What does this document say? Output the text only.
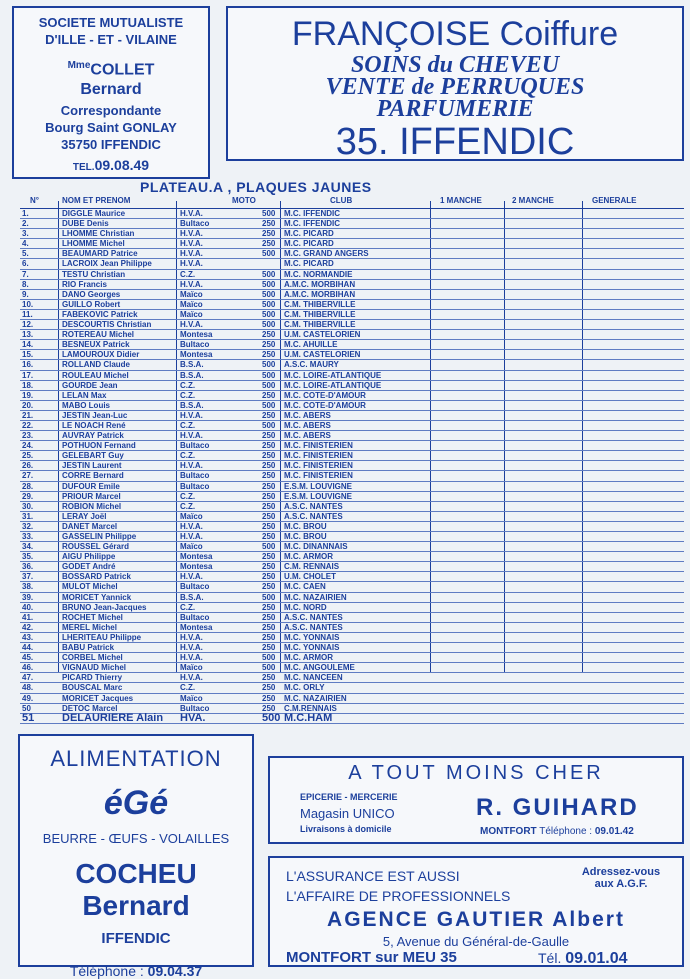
SOCIETE MUTUALISTE
D'ILLE - ET - VILAINE
$^{Mme}$COLLET
Bernard
Correspondante
Bourg Saint GONLAY
35750 IFFENDIC
TEL.09.08.49
FRANÇOISE Coiffure
SOINS du CHEVEU
VENTE de PERRUQUES
PARFUMERIE
35. IFFENDIC
PLATEAU.A , PLAQUES JAUNES
N°	NOM ET PRENOM	MOTO	CLUB	1 MANCHE	2 MANCHE	GENERALE
1.	DIGGLE Maurice	H.V.A.	500 M.C. IFFENDIC
2.	DUBE Denis	Bultaco	250 M.C. IFFENDIC
3.	LHOMME Christian	H.V.A.	250 M.C. PICARD
4.	LHOMME Michel	H.V.A.	250 M.C. PICARD
5.	BEAUMARD Patrice	H.V.A.	500 M.C. GRAND ANGERS
6.	LACROIX Jean Philippe	H.V.A.	M.C. PICARD
7.	TESTU Christian	C.Z.	500 M.C. NORMANDIE
8.	RIO Francis	H.V.A.	500 A.M.C. MORBIHAN
9.	DANO Georges	Maïco	500 A.M.C. MORBIHAN
10.	GUILLO Robert	Maïco	500 C.M. THIBERVILLE
11.	FABEKOVIC Patrick	Maïco	500 C.M. THIBERVILLE
12.	DESCOURTIS Christian	H.V.A.	500 C.M. THIBERVILLE
13.	ROTEREAU Michel	Montesa	250 U.M. CASTELORIEN
14.	BESNEUX Patrick	Bultaco	250 M.C. AHUILLE
15.	LAMOUROUX Didier	Montesa	250 U.M. CASTELORIEN
16.	ROLLAND Claude	B.S.A.	500 A.S.C. MAURY
17.	ROULEAU Michel	B.S.A.	500 M.C. LOIRE-ATLANTIQUE
18.	GOURDE Jean	C.Z.	500 M.C. LOIRE-ATLANTIQUE
19.	LELAN Max	C.Z.	250 M.C. COTE-D'AMOUR
20.	MABO Louis	B.S.A.	500 M.C. COTE-D'AMOUR
21.	JESTIN Jean-Luc	H.V.A.	250 M.C. ABERS
22.	LE NOACH René	C.Z.	500 M.C. ABERS
23.	AUVRAY Patrick	H.V.A.	250 M.C. ABERS
24.	POTHUON Fernand	Bultaco	250 M.C. FINISTERIEN
25.	GELEBART Guy	C.Z.	250 M.C. FINISTERIEN
26.	JESTIN Laurent	H.V.A.	250 M.C. FINISTERIEN
27.	CORRE Bernard	Bultaco	250 M.C. FINISTERIEN
28.	DUFOUR Emile	Bultaco	250 E.S.M. LOUVIGNE
29.	PRIOUR Marcel	C.Z.	250 E.S.M. LOUVIGNE
30.	ROBION Michel	C.Z.	250 A.S.C. NANTES
31.	LERAY Joël	Maïco	250 A.S.C. NANTES
32.	DANET Marcel	H.V.A.	250 M.C. BROU
33.	GASSELIN Philippe	H.V.A.	250 M.C. BROU
34.	ROUSSEL Gérard	Maïco	500 M.C. DINANNAIS
35.	AIGU Philippe	Montesa	250 M.C. ARMOR
36.	GODET André	Montesa	250 C.M. RENNAIS
37.	BOSSARD Patrick	H.V.A.	250 U.M. CHOLET
38.	MULOT Michel	Bultaco	250 M.C. CAEN
39.	MORICET Yannick	B.S.A.	500 M.C. NAZAIRIEN
40.	BRUNO Jean-Jacques	C.Z.	250 M.C. NORD
41.	ROCHET Michel	Bultaco	250 A.S.C. NANTES
42.	MEREL Michel	Montesa	250 A.S.C. NANTES
43.	LHERITEAU Philippe	H.V.A.	250 M.C. YONNAIS
44.	BABU Patrick	H.V.A.	250 M.C. YONNAIS
45.	CORBEL Michel	H.V.A.	500 M.C. ARMOR
46.	VIGNAUD Michel	Maïco	500 M.C. ANGOULEME
47.	PICARD Thierry	H.V.A.	250 M.C. NANCEEN
48.	BOUSCAL Marc	C.Z.	250 M.C. ORLY
49.	MORICET Jacques	Maïco	250 M.C. NAZAIRIEN
50	DETOC Marcel	Bultaco	250 C.M.RENNAIS
51	DELAURIERE Alain HVA.	500 M.C.HAM
ALIMENTATION
éGé
BEURRE - ŒUFS - VOLAILLES
COCHEU Bernard
IFFENDIC
Téléphone : 09.04.37
A TOUT MOINS CHER
EPICERIE - MERCERIE
Magasin UNICO
Livraisons à domicile
R. GUIHARD
MONTFORT Téléphone : 09.01.42
L'ASSURANCE EST AUSSI
L'AFFAIRE DE PROFESSIONNELS
Adressez-vous
aux A.G.F.
AGENCE GAUTIER Albert
5, Avenue du Général-de-Gaulle
MONTFORT sur MEU 35	Tél. 09.01.04
